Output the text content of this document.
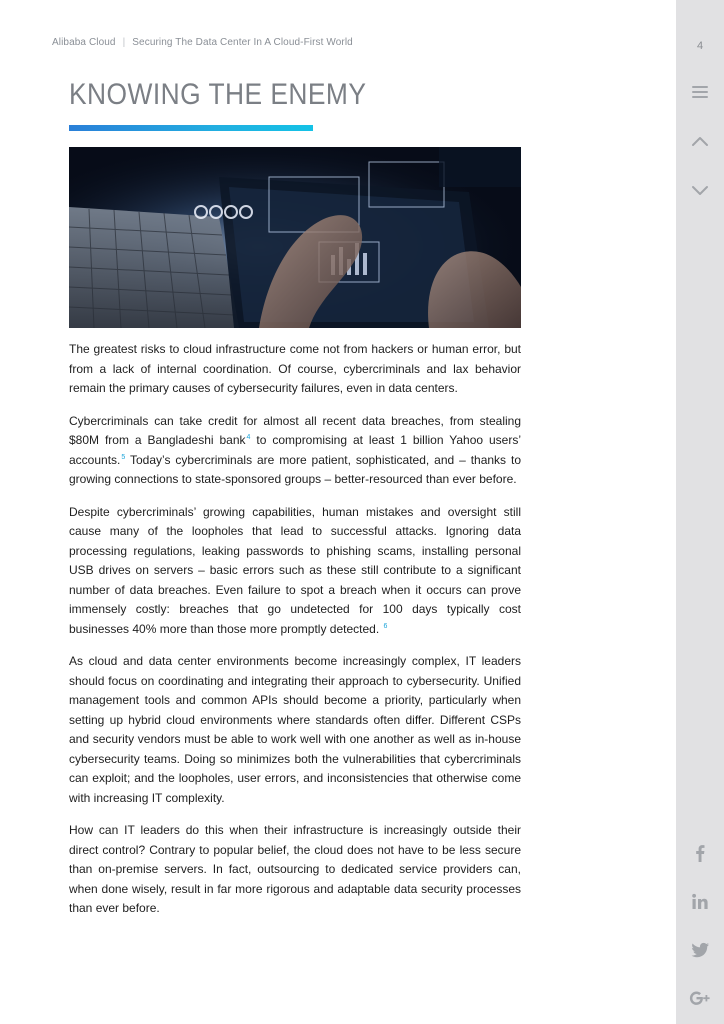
Alibaba Cloud | Securing The Data Center In A Cloud-First World
KNOWING THE ENEMY

The greatest risks to cloud infrastructure come not from hackers or human error, but from a lack of internal coordination. Of course, cybercriminals and lax behavior remain the primary causes of cybersecurity failures, even in data centers.

Cybercriminals can take credit for almost all recent data breaches, from stealing $80M from a Bangladeshi bank$^4$ to compromising at least 1 billion Yahoo users’ accounts.$^5$ Today’s cybercriminals are more patient, sophisticated, and – thanks to growing connections to state-sponsored groups – better-resourced than ever before.

Despite cybercriminals’ growing capabilities, human mistakes and oversight still cause many of the loopholes that lead to successful attacks. Ignoring data processing regulations, leaking passwords to phishing scams, installing personal USB drives on servers – basic errors such as these still contribute to a significant number of data breaches. Even failure to spot a breach when it occurs can prove immensely costly: breaches that go undetected for 100 days typically cost businesses 40% more than those more promptly detected. $^6$

As cloud and data center environments become increasingly complex, IT leaders should focus on coordinating and integrating their approach to cybersecurity. Unified management tools and common APIs should become a priority, particularly when setting up hybrid cloud environments where standards often differ. Different CSPs and security vendors must be able to work well with one another as well as in-house cybersecurity teams. Doing so minimizes both the vulnerabilities that cybercriminals can exploit; and the loopholes, user errors, and inconsistencies that otherwise come with increasing IT complexity.

How can IT leaders do this when their infrastructure is increasingly outside their direct control? Contrary to popular belief, the cloud does not have to be less secure than on-premise servers. In fact, outsourcing to dedicated service providers can, when done wisely, result in far more rigorous and adaptable data security processes than ever before.

4
